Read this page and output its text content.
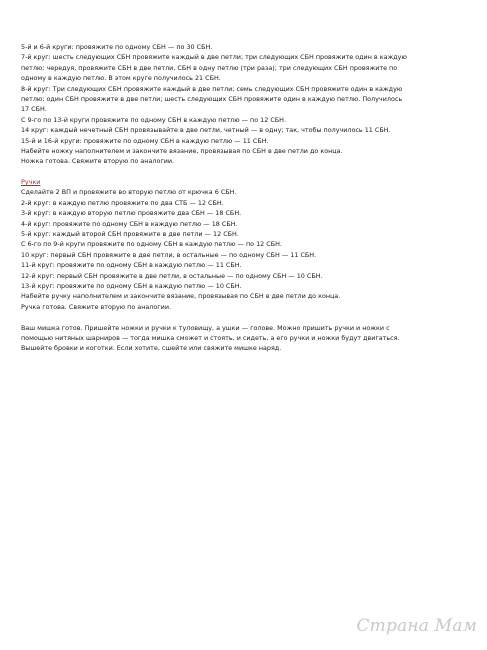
5-й и 6-й круги: провяжите по одному СБН — по 30 СБН.
7-й круг: шесть следующих СБН провяжите каждый в две петли; три следующих СБН провяжите один в каждую
петлю; чередуя, провяжите СБН в две петли, СБН в одну петлю (три раза); три следующих СБН провяжите по
одному в каждую петлю. В этом круге получилось 21 СБН.
8-й круг: Три следующих СБН провяжите каждый в две петли; семь следующих СБН провяжите один в каждую
петлю; один СБН провяжите в две петли; шесть следующих СБН провяжите один в каждую петлю. Получилось
17 СБН.
С 9-го по 13-й круги провяжите по одному СБН в каждую петлю — по 12 СБН.
14 круг: каждый нечетный СБН провязывайте в две петли, четный — в одну; так, чтобы получилось 11 СБН.
15-й и 16-й круги: провяжите по одному СБН в каждую петлю — 11 СБН.
Набейте ножку наполнителем и закончите вязание, провязывая по СБН в две петли до конца.
Ножка готова. Свяжите вторую по аналогии.
Ручки
Сделайте 2 ВП и провяжите во вторую петлю от крючка 6 СБН.
2-й круг: в каждую петлю провяжите по два СТБ — 12 СБН.
3-й круг: в каждую вторую петлю провяжите два СБН — 18 СБН.
4-й круг: провяжите по одному СБН в каждую петлю — 18 СБН.
5-й круг: каждый второй СБН провяжите в две петли — 12 СБН.
С 6-го по 9-й круги провяжите по одному СБН в каждую петлю — по 12 СБН.
10 круг: первый СБН провяжите в две петли, в остальные — по одному СБН — 11 СБН.
11-й круг: провяжите по одному СБН в каждую петлю — 11 СБН.
12-й круг: первый СБН провяжите в две петли, в остальные — по одному СБН — 10 СБН.
13-й круг: провяжите по одному СБН в каждую петлю — 10 СБН.
Набейте ручку наполнителем и закончите вязание, провязывая по СБН в две петли до конца.
Ручка готова. Свяжите вторую по аналогии.
Ваш мишка готов. Пришейте ножки и ручки к туловищу, а ушки — голове. Можно пришить ручки и ножки с
помощью нитяных шарниров — тогда мишка сможет и стоять, и сидеть, а его ручки и ножки будут двигаться.
Вышейте бровки и коготки. Если хотите, сшейте или свяжите мишке наряд.
Страна Мам
